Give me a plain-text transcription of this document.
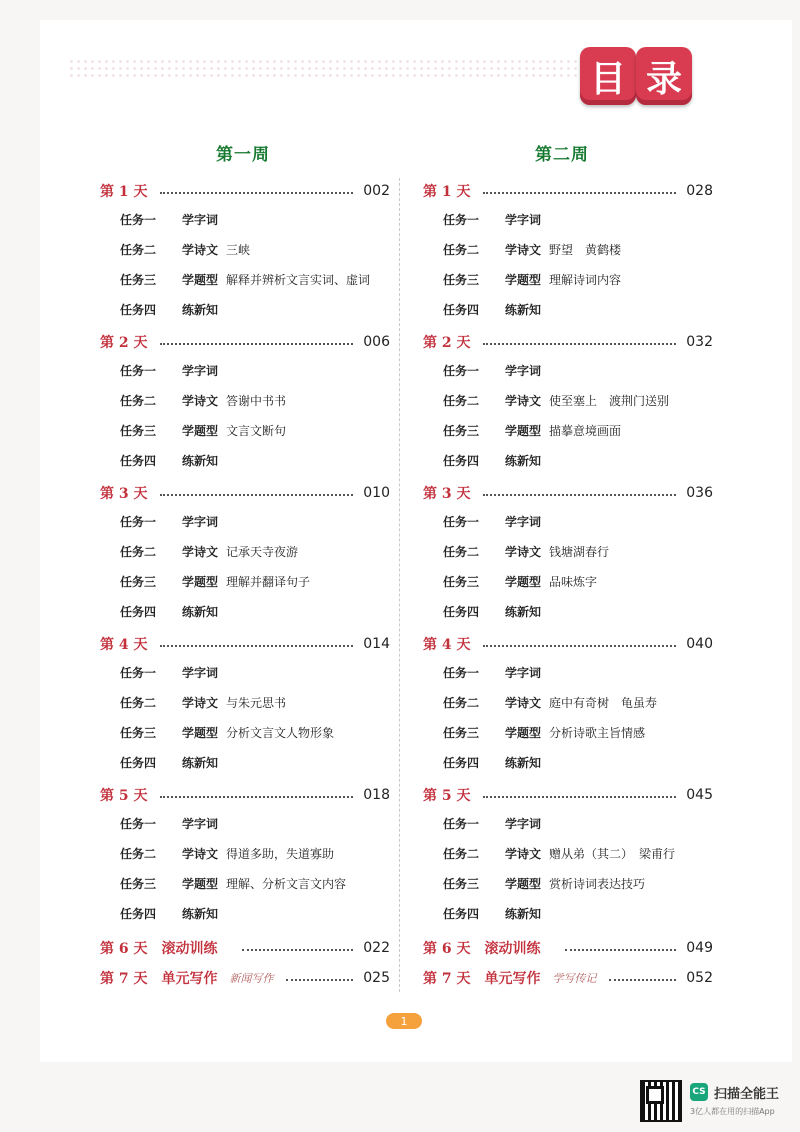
目 录
第一周	第二周
第 1 天	002
任务一	学字词
任务二	学诗文 三峡
任务三	学题型 解释并辨析文言实词、虚词
任务四	练新知
第 2 天	006
任务一	学字词
任务二	学诗文 答谢中书书
任务三	学题型 文言文断句
任务四	练新知
第 3 天	010
任务一	学字词
任务二	学诗文 记承天寺夜游
任务三	学题型 理解并翻译句子
任务四	练新知
第 4 天	014
任务一	学字词
任务二	学诗文 与朱元思书
任务三	学题型 分析文言文人物形象
任务四	练新知
第 5 天	018
任务一	学字词
任务二	学诗文 得道多助，失道寡助
任务三	学题型 理解、分析文言文内容
任务四	练新知
第 6 天 滚动训练	022
第 7 天 单元写作 新闻写作	025
第 1 天	028
任务一	学字词
任务二	学诗文 野望　黄鹤楼
任务三	学题型 理解诗词内容
任务四	练新知
第 2 天	032
任务一	学字词
任务二	学诗文 使至塞上　渡荆门送别
任务三	学题型 描摹意境画面
任务四	练新知
第 3 天	036
任务一	学字词
任务二	学诗文 钱塘湖春行
任务三	学题型 品味炼字
任务四	练新知
第 4 天	040
任务一	学字词
任务二	学诗文 庭中有奇树　龟虽寿
任务三	学题型 分析诗歌主旨情感
任务四	练新知
第 5 天	045
任务一	学字词
任务二	学诗文 赠从弟（其二）　梁甫行
任务三	学题型 赏析诗词表达技巧
任务四	练新知
第 6 天 滚动训练	049
第 7 天 单元写作 学写传记	052
1
CS 扫描全能王
3亿人都在用的扫描App
